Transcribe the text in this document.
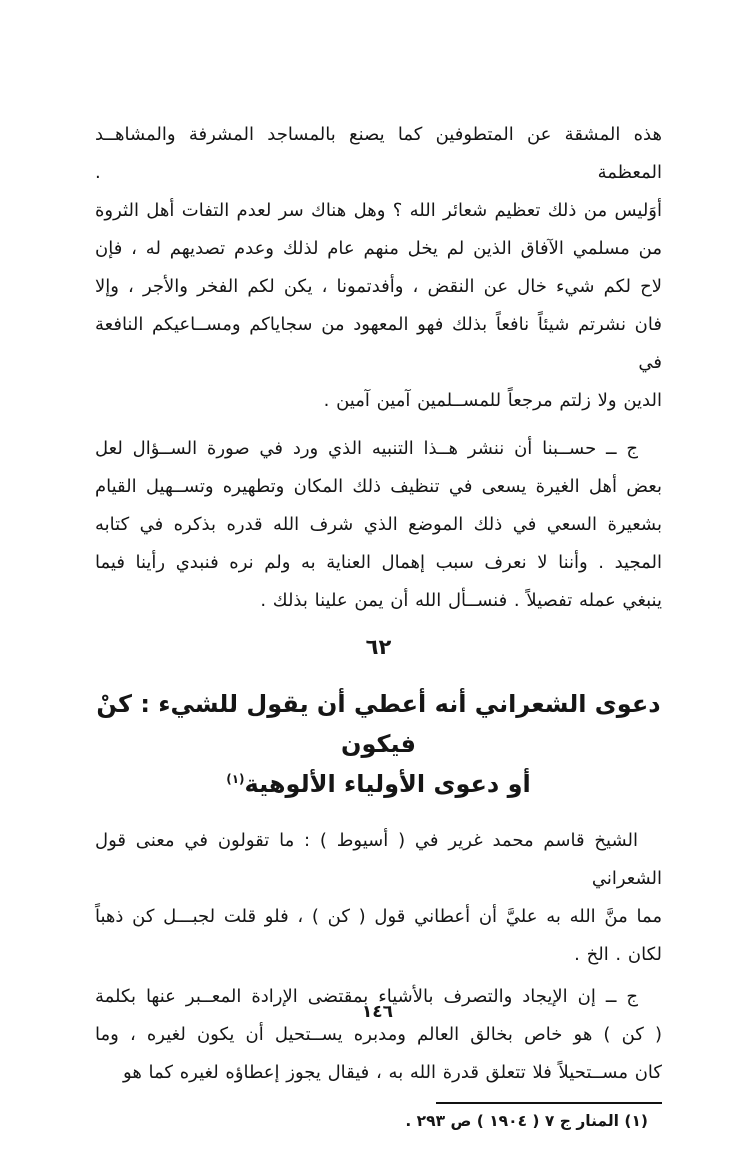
هذه المشقة عن المتطوفين كما يصنع بالمساجد المشرفة والمشاهــد المعظمة .
أوَليس من ذلك تعظيم شعائر الله ؟ وهل هناك سر لعدم التفات أهل الثروة
من مسلمي الآفاق الذين لم يخل منهم عام لذلك وعدم تصديهم له ، فإن
لاح لكم شيء خال عن النقض ، وأفدتمونا ، يكن لكم الفخر والأجر ، وإلا
فان نشرتم شيئاً نافعاً بذلك فهو المعهود من سجاياكم ومســاعيكم النافعة في
الدين ولا زلتم مرجعاً للمســلمين آمين آمين .
ج ــ حســبنا أن ننشر هــذا التنبيه الذي ورد في صورة الســؤال لعل
بعض أهل الغيرة يسعى في تنظيف ذلك المكان وتطهيره وتســهيل القيام
بشعيرة السعي في ذلك الموضع الذي شرف الله قدره بذكره في كتابه
المجيد . وأننا لا نعرف سبب إهمال العناية به ولم نره فنبدي رأينا فيما
ينبغي عمله تفصيلاً . فنســأل الله أن يمن علينا بذلك .
٦٢
دعوى الشعراني أنه أعطي أن يقول للشيء : كنْ فيكون
أو دعوى الأولياء الألوهية$^{(١)}$
الشيخ قاسم محمد غرير في ( أسيوط ) : ما تقولون في معنى قول الشعراني
مما منَّ الله به عليَّ أن أعطاني قول ( كن ) ، فلو قلت لجبـــل كن ذهباً
لكان . الخ .
ج ــ إن الإيجاد والتصرف بالأشياء بمقتضى الإرادة المعــبر عنها بكلمة
( كن ) هو خاص بخالق العالم ومدبره يســتحيل أن يكون لغيره ، وما
كان مســتحيلاً فلا تتعلق قدرة الله به ، فيقال يجوز إعطاؤه لغيره كما هو
(١) المنار ج ٧ ( ١٩٠٤ ) ص ٢٩٣ .
١٤٦
